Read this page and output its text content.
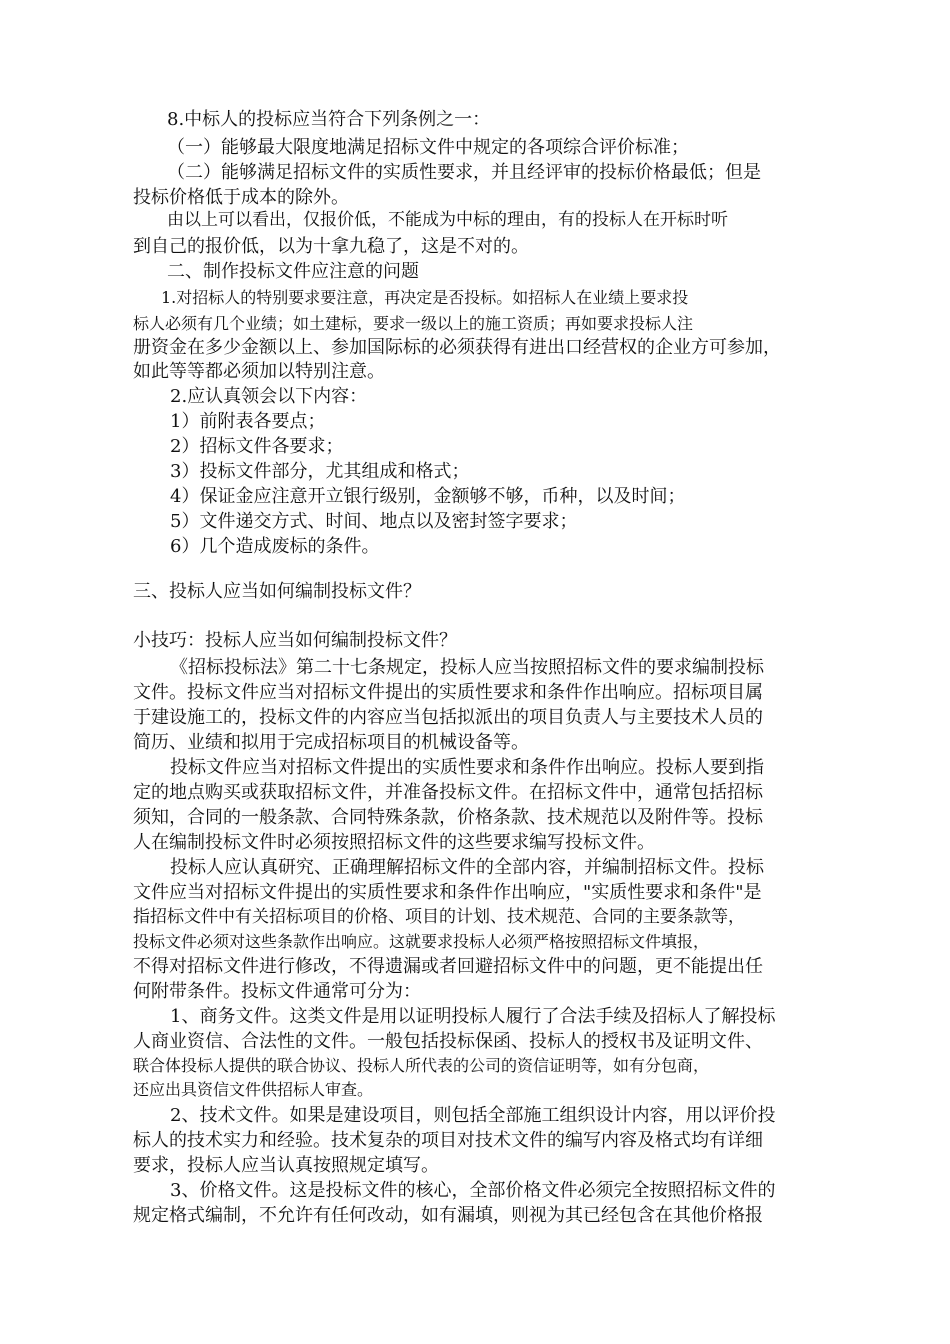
8.中标人的投标应当符合下列条例之一：
（一）能够最大限度地满足招标文件中规定的各项综合评价标准；
（二）能够满足招标文件的实质性要求，并且经评审的投标价格最低；但是
投标价格低于成本的除外。
由以上可以看出，仅报价低，不能成为中标的理由，有的投标人在开标时听
到自己的报价低，以为十拿九稳了，这是不对的。
二、制作投标文件应注意的问题
1.对招标人的特别要求要注意，再决定是否投标。如招标人在业绩上要求投
标人必须有几个业绩；如土建标，要求一级以上的施工资质；再如要求投标人注
册资金在多少金额以上、参加国际标的必须获得有进出口经营权的企业方可参加，
如此等等都必须加以特别注意。
2.应认真领会以下内容：
1）前附表各要点；
2）招标文件各要求；
3）投标文件部分，尤其组成和格式；
4）保证金应注意开立银行级别，金额够不够，币种，以及时间；
5）文件递交方式、时间、地点以及密封签字要求；
6）几个造成废标的条件。
三、投标人应当如何编制投标文件？
小技巧：投标人应当如何编制投标文件？
《招标投标法》第二十七条规定，投标人应当按照招标文件的要求编制投标
文件。投标文件应当对招标文件提出的实质性要求和条件作出响应。招标项目属
于建设施工的，投标文件的内容应当包括拟派出的项目负责人与主要技术人员的
简历、业绩和拟用于完成招标项目的机械设备等。
投标文件应当对招标文件提出的实质性要求和条件作出响应。投标人要到指
定的地点购买或获取招标文件，并准备投标文件。在招标文件中，通常包括招标
须知，合同的一般条款、合同特殊条款，价格条款、技术规范以及附件等。投标
人在编制投标文件时必须按照招标文件的这些要求编写投标文件。
投标人应认真研究、正确理解招标文件的全部内容，并编制招标文件。投标
文件应当对招标文件提出的实质性要求和条件作出响应，"实质性要求和条件"是
指招标文件中有关招标项目的价格、项目的计划、技术规范、合同的主要条款等，
投标文件必须对这些条款作出响应。这就要求投标人必须严格按照招标文件填报，
不得对招标文件进行修改，不得遗漏或者回避招标文件中的问题，更不能提出任
何附带条件。投标文件通常可分为：
1、商务文件。这类文件是用以证明投标人履行了合法手续及招标人了解投标
人商业资信、合法性的文件。一般包括投标保函、投标人的授权书及证明文件、
联合体投标人提供的联合协议、投标人所代表的公司的资信证明等，如有分包商，
还应出具资信文件供招标人审查。
2、技术文件。如果是建设项目，则包括全部施工组织设计内容，用以评价投
标人的技术实力和经验。技术复杂的项目对技术文件的编写内容及格式均有详细
要求，投标人应当认真按照规定填写。
3、价格文件。这是投标文件的核心，全部价格文件必须完全按照招标文件的
规定格式编制，不允许有任何改动，如有漏填，则视为其已经包含在其他价格报
